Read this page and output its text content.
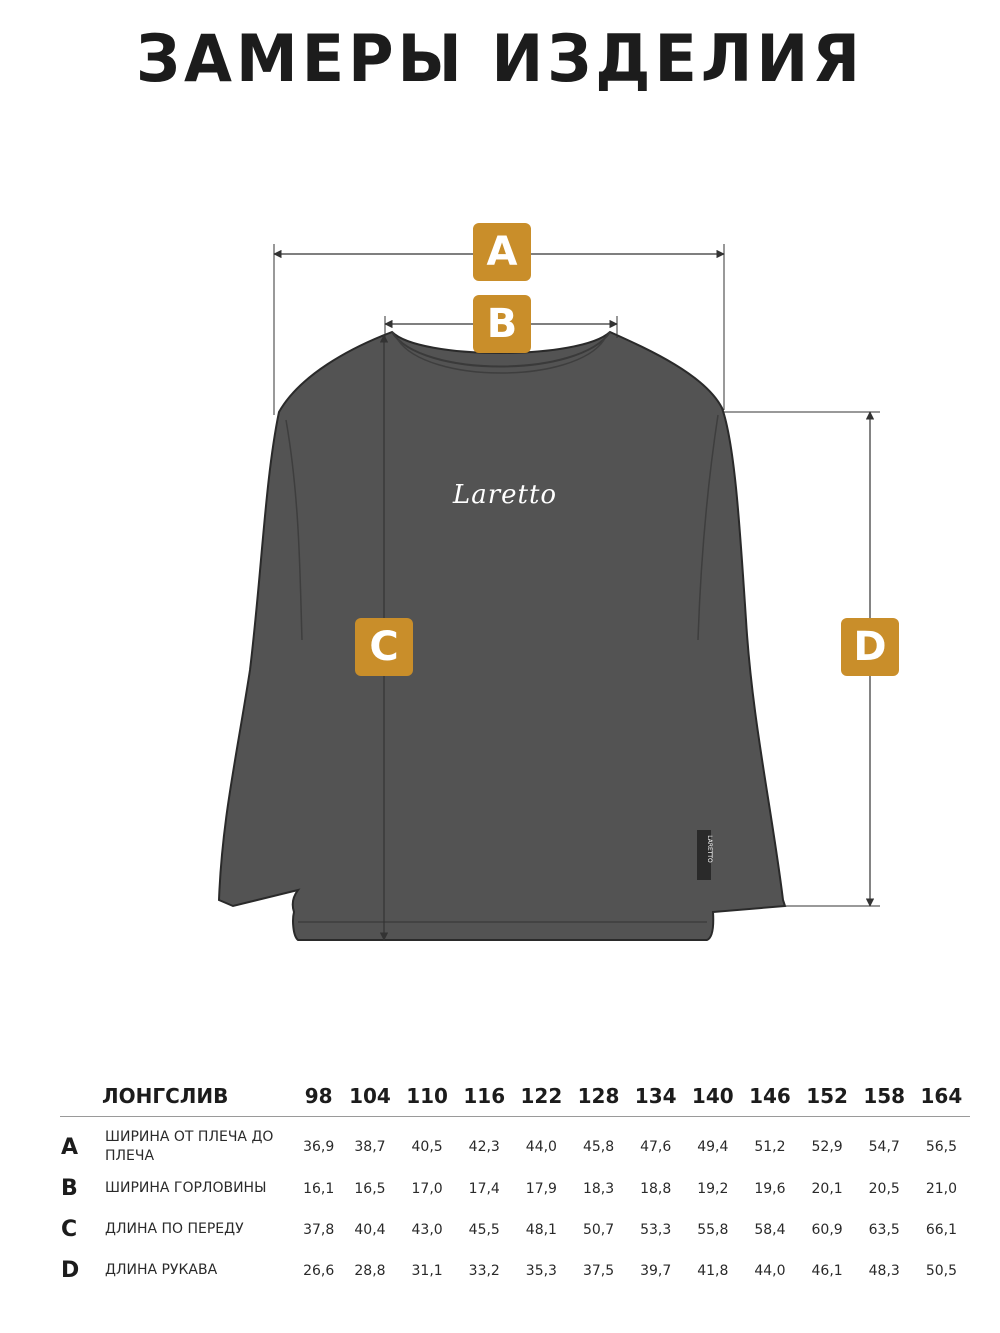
ЗАМЕРЫ ИЗДЕЛИЯ
A
B
C	D
Laretto
LARETTO
ЛОНГСЛИВ		98	104	110	116	122	128	134	140	146	152	158	164
A	ШИРИНА ОТ ПЛЕЧА ДО ПЛЕЧА	36,9	38,7	40,5	42,3	44,0	45,8	47,6	49,4	51,2	52,9	54,7	56,5
B	ШИРИНА ГОРЛОВИНЫ	16,1	16,5	17,0	17,4	17,9	18,3	18,8	19,2	19,6	20,1	20,5	21,0
C	ДЛИНА ПО ПЕРЕДУ	37,8	40,4	43,0	45,5	48,1	50,7	53,3	55,8	58,4	60,9	63,5	66,1
D	ДЛИНА РУКАВА	26,6	28,8	31,1	33,2	35,3	37,5	39,7	41,8	44,0	46,1	48,3	50,5
